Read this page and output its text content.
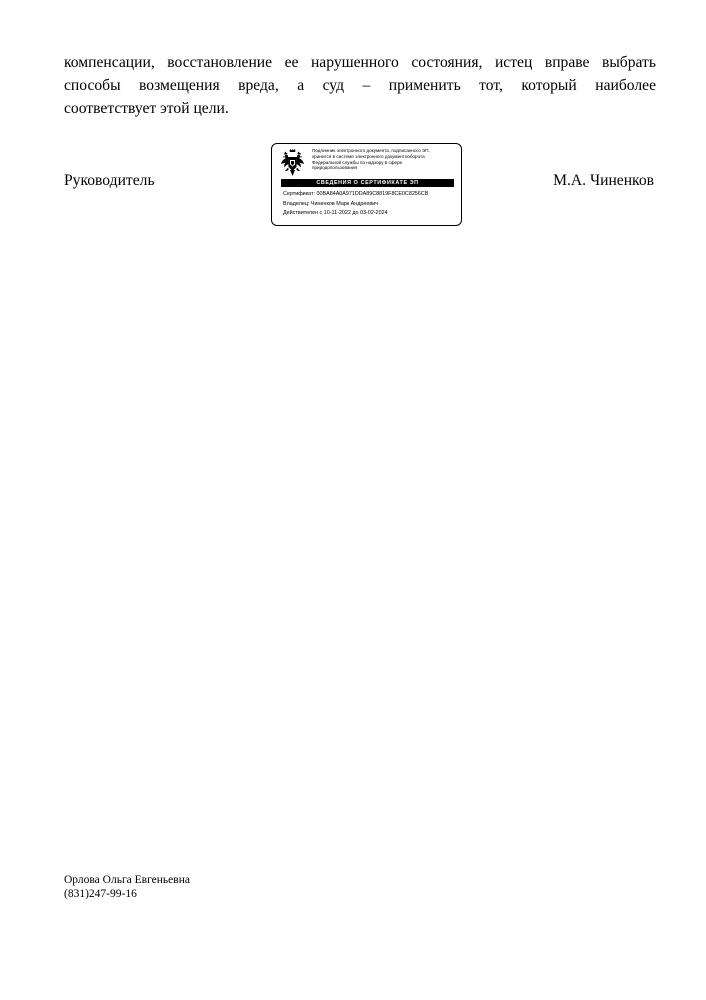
компенсации, восстановление ее нарушенного состояния, истец вправе выбрать
способы возмещения вреда, а суд – применить тот, который наиболее
соответствует этой цели.
Руководитель	М.А. Чиненков
Подлинник электронного документа, подписанного ЭП,
хранится в системе электронного документооборота
Федеральной службы по надзору в сфере
природопользования
СВЕДЕНИЯ О СЕРТИФИКАТЕ ЭП
Сертификат: 00BA84A0A971DDA89C8819F8CE0C8256CB
Владелец: Чиненков Марк Андреевич
Действителен с 10-11-2022 до 03-02-2024
Орлова Ольга Евгеньевна
(831)247-99-16
